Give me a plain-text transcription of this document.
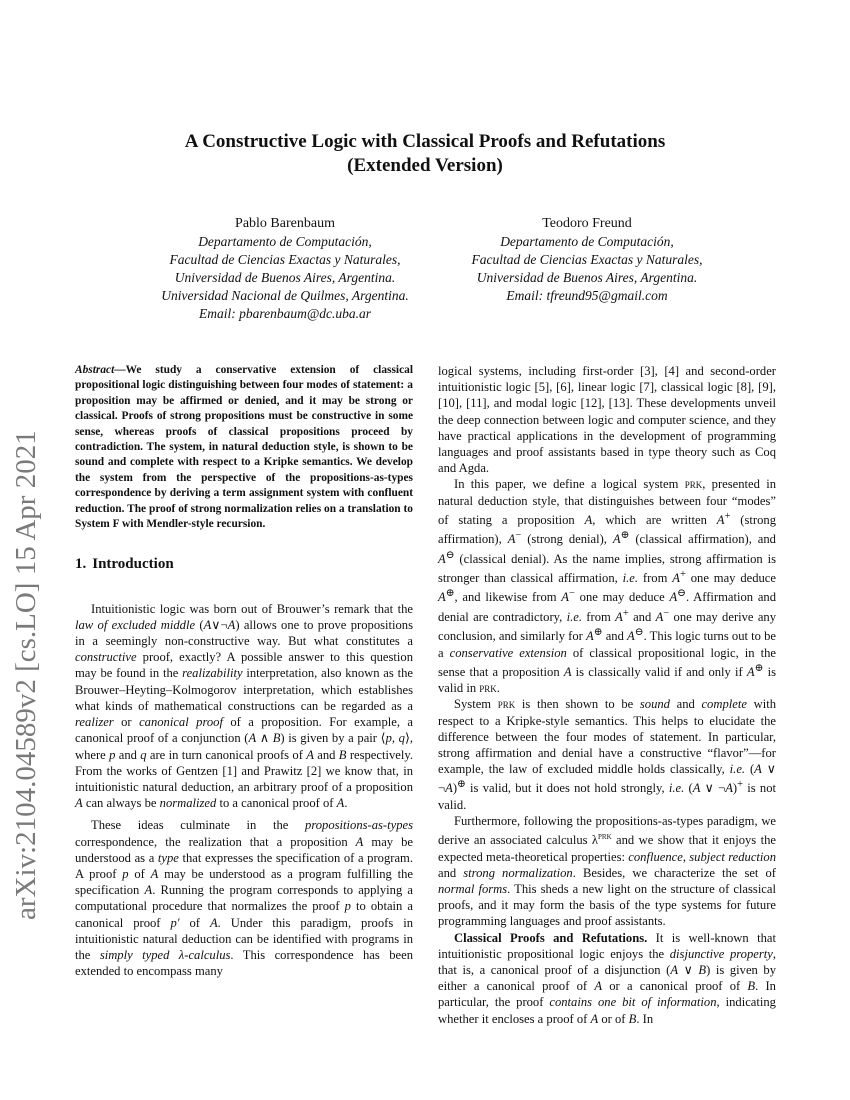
arXiv:2104.04589v2 [cs.LO] 15 Apr 2021
A Constructive Logic with Classical Proofs and Refutations
(Extended Version)
Pablo Barenbaum
Departamento de Computación,
Facultad de Ciencias Exactas y Naturales,
Universidad de Buenos Aires, Argentina.
Universidad Nacional de Quilmes, Argentina.
Email: pbarenbaum@dc.uba.ar
Teodoro Freund
Departamento de Computación,
Facultad de Ciencias Exactas y Naturales,
Universidad de Buenos Aires, Argentina.
Email: tfreund95@gmail.com
Abstract—We study a conservative extension of classical propositional logic distinguishing between four modes of statement: a proposition may be affirmed or denied, and it may be strong or classical. Proofs of strong propositions must be constructive in some sense, whereas proofs of classical propositions proceed by contradiction. The system, in natural deduction style, is shown to be sound and complete with respect to a Kripke semantics. We develop the system from the perspective of the propositions-as-types correspondence by deriving a term assignment system with confluent reduction. The proof of strong normalization relies on a translation to System F with Mendler-style recursion.
1. Introduction

Intuitionistic logic was born out of Brouwer’s remark that the law of excluded middle (A∨¬A) allows one to prove propositions in a seemingly non-constructive way. But what constitutes a constructive proof, exactly? A possible answer to this question may be found in the realizability interpretation, also known as the Brouwer–Heyting–Kolmogorov interpretation, which establishes what kinds of mathematical constructions can be regarded as a realizer or canonical proof of a proposition. For example, a canonical proof of a conjunction (A ∧ B) is given by a pair ⟨p, q⟩, where p and q are in turn canonical proofs of A and B respectively. From the works of Gentzen [1] and Prawitz [2] we know that, in intuitionistic natural deduction, an arbitrary proof of a proposition A can always be normalized to a canonical proof of A.

These ideas culminate in the propositions-as-types correspondence, the realization that a proposition A may be understood as a type that expresses the specification of a program. A proof p of A may be understood as a program fulfilling the specification A. Running the program corresponds to applying a computational procedure that normalizes the proof p to obtain a canonical proof p′ of A. Under this paradigm, proofs in intuitionistic natural deduction can be identified with programs in the simply typed λ-calculus. This correspondence has been extended to encompass many

logical systems, including first-order [3], [4] and second-order intuitionistic logic [5], [6], linear logic [7], classical logic [8], [9], [10], [11], and modal logic [12], [13]. These developments unveil the deep connection between logic and computer science, and they have practical applications in the development of programming languages and proof assistants based in type theory such as Coq and Agda.

In this paper, we define a logical system prk, presented in natural deduction style, that distinguishes between four “modes” of stating a proposition A, which are written A+ (strong affirmation), A− (strong denial), A⊕ (classical affirmation), and A⊖ (classical denial). As the name implies, strong affirmation is stronger than classical affirmation, i.e. from A+ one may deduce A⊕, and likewise from A− one may deduce A⊖. Affirmation and denial are contradictory, i.e. from A+ and A− one may derive any conclusion, and similarly for A⊕ and A⊖. This logic turns out to be a conservative extension of classical propositional logic, in the sense that a proposition A is classically valid if and only if A⊕ is valid in prk.

System prk is then shown to be sound and complete with respect to a Kripke-style semantics. This helps to elucidate the difference between the four modes of statement. In particular, strong affirmation and denial have a constructive “flavor”—for example, the law of excluded middle holds classically, i.e. (A ∨ ¬A)⊕ is valid, but it does not hold strongly, i.e. (A ∨ ¬A)+ is not valid.

Furthermore, following the propositions-as-types paradigm, we derive an associated calculus $\lambda^{prk}$ and we show that it enjoys the expected meta-theoretical properties: confluence, subject reduction and strong normalization. Besides, we characterize the set of normal forms. This sheds a new light on the structure of classical proofs, and it may form the basis of the type systems for future programming languages and proof assistants.

Classical Proofs and Refutations. It is well-known that intuitionistic propositional logic enjoys the disjunctive property, that is, a canonical proof of a disjunction (A ∨ B) is given by either a canonical proof of A or a canonical proof of B. In particular, the proof contains one bit of information, indicating whether it encloses a proof of A or of B. In
